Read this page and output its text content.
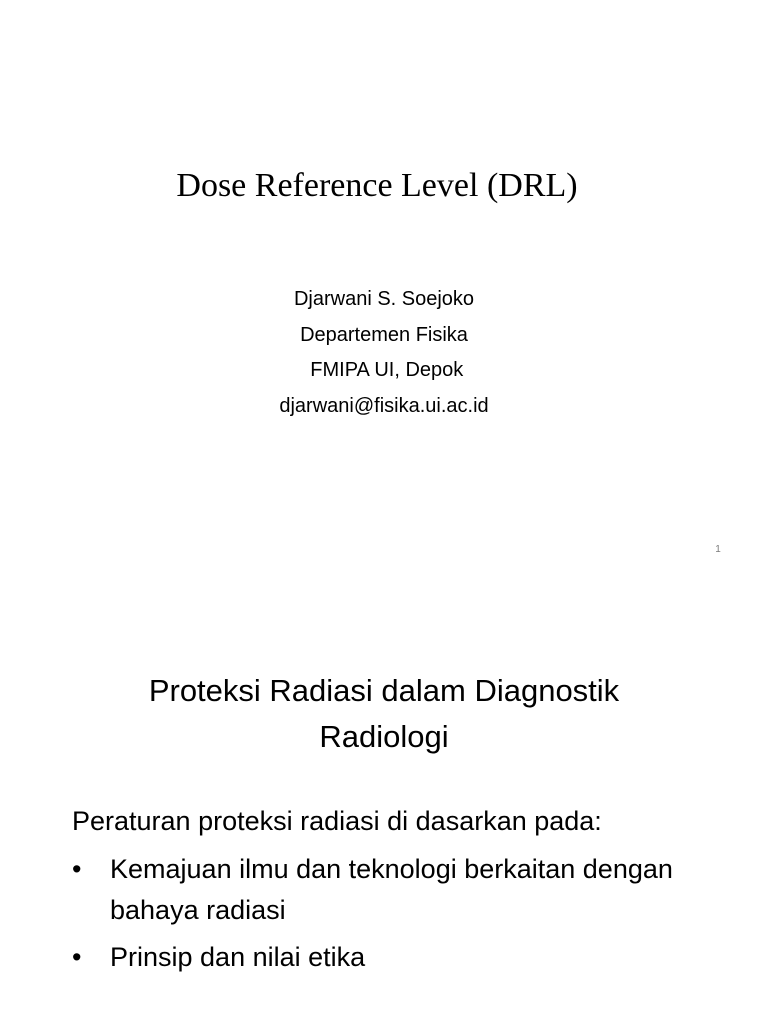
Dose Reference Level (DRL)
Djarwani S. Soejoko
Departemen Fisika
FMIPA UI, Depok
djarwani@fisika.ui.ac.id
1
Proteksi Radiasi dalam Diagnostik
Radiologi

Peraturan proteksi radiasi di dasarkan pada:

• Kemajuan ilmu dan teknologi berkaitan dengan bahaya radiasi
• Prinsip dan nilai etika
